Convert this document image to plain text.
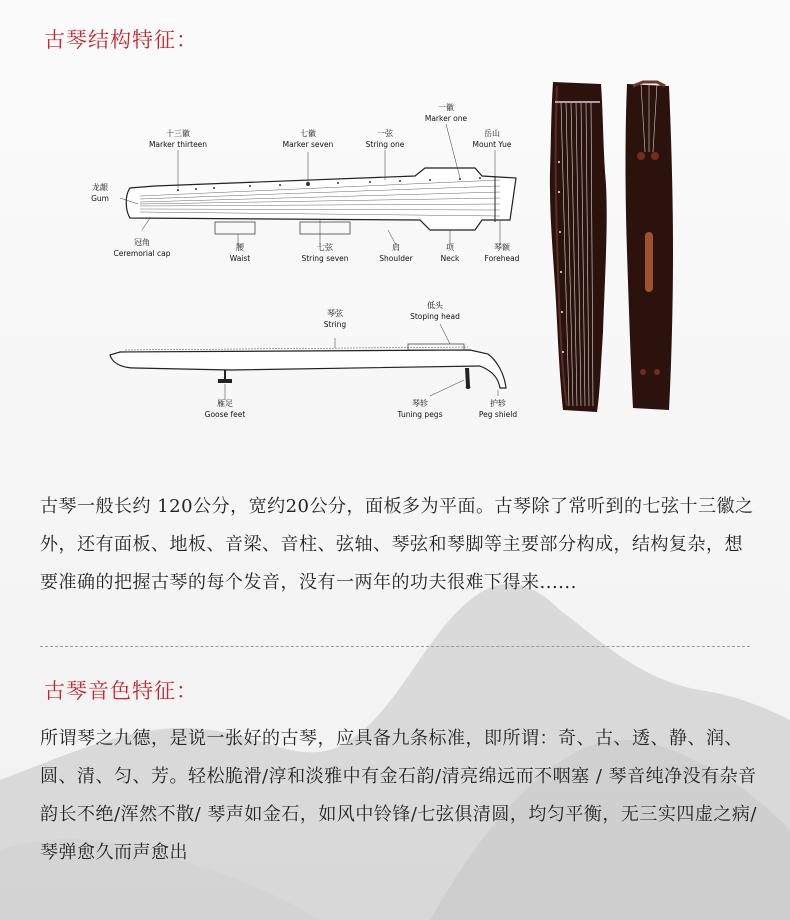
古琴结构特征：
十三徽
Marker thirteen
七徽
Marker seven
一弦
String one
一徽
Marker one
岳山
Mount Yue
龙龈
Gum
冠角
Ceremorial cap
腰
Waist
七弦
String seven
肩
Shoulder
项
Neck
琴额
Forehead
琴弦
String
低头
Stoping head
雁足
Goose feet
琴轸
Tuning pegs
护轸
Peg shield
古琴一般长约 120公分，宽约20公分，面板多为平面。古琴除了常听到的七弦十三徽之外，还有面板、地板、音梁、音柱、弦轴、琴弦和琴脚等主要部分构成，结构复杂，想要准确的把握古琴的每个发音，没有一两年的功夫很难下得来......
古琴音色特征：
所谓琴之九德，是说一张好的古琴，应具备九条标准，即所谓：奇、古、透、静、润、圆、清、匀、芳。轻松脆滑/淳和淡雅中有金石韵/清亮绵远而不咽塞 / 琴音纯净没有杂音韵长不绝/浑然不散/ 琴声如金石，如风中铃锋/七弦俱清圆，均匀平衡，无三实四虚之病/琴弹愈久而声愈出
